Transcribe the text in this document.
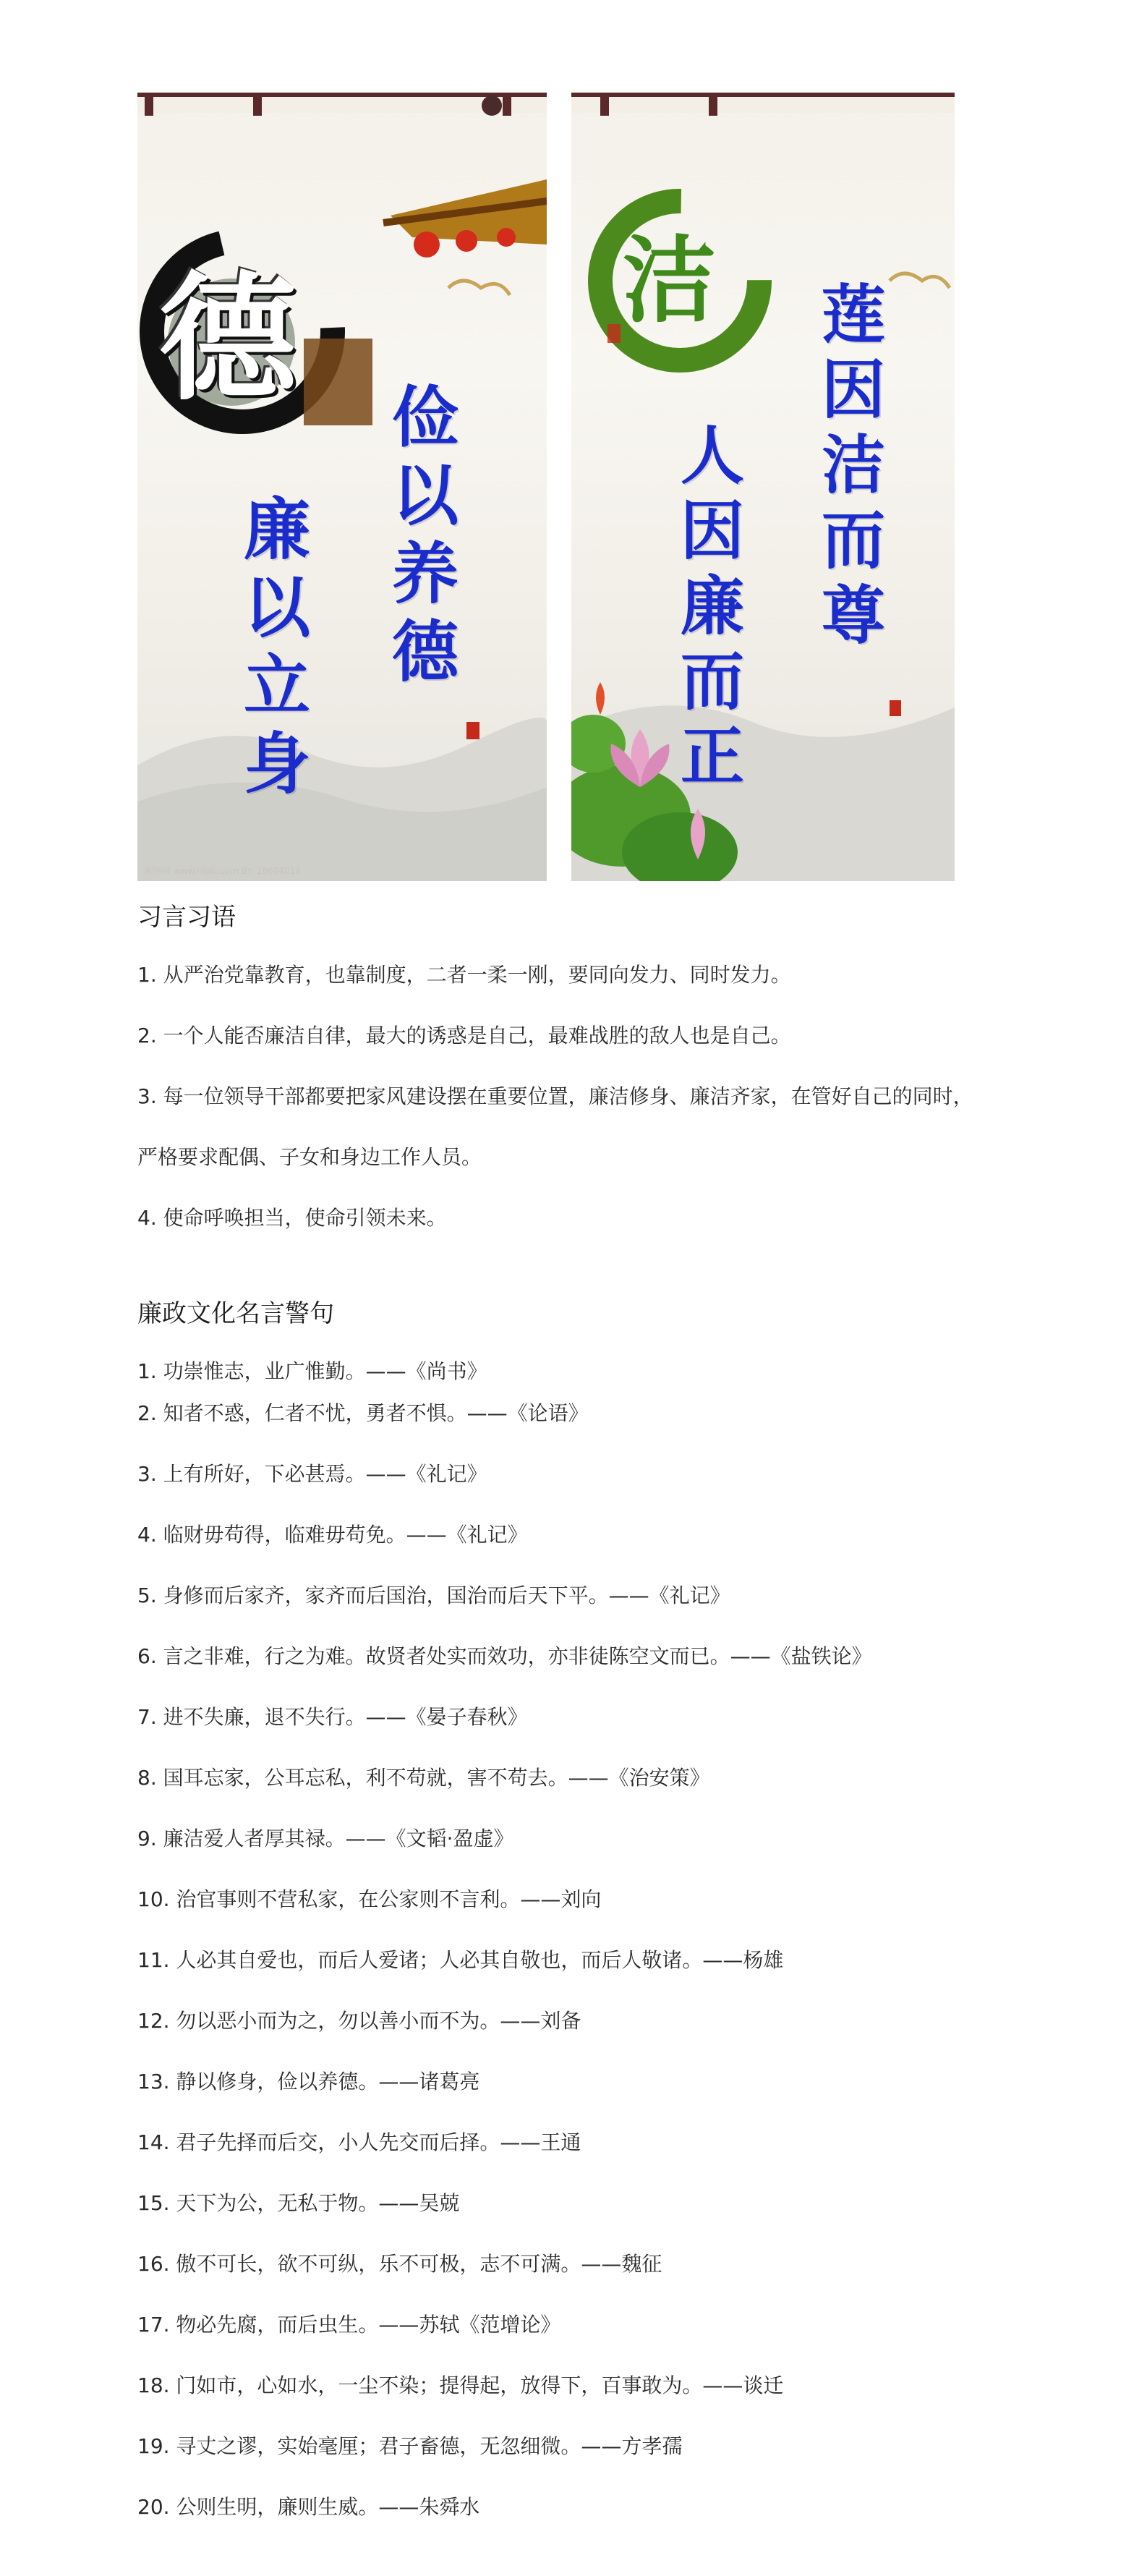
德
俭以养德
廉以立身
昵图网 www.nipic.com BY: 18694018
洁
莲因洁而尊
人因廉而正
习言习语
1. 从严治党靠教育，也靠制度，二者一柔一刚，要同向发力、同时发力。
2. 一个人能否廉洁自律，最大的诱惑是自己，最难战胜的敌人也是自己。
3. 每一位领导干部都要把家风建设摆在重要位置，廉洁修身、廉洁齐家，在管好自己的同时，
严格要求配偶、子女和身边工作人员。
4. 使命呼唤担当，使命引领未来。
廉政文化名言警句
1. 功崇惟志，业广惟勤。——《尚书》
2. 知者不惑，仁者不忧，勇者不惧。——《论语》
3. 上有所好，下必甚焉。——《礼记》
4. 临财毋苟得，临难毋苟免。——《礼记》
5. 身修而后家齐，家齐而后国治，国治而后天下平。——《礼记》
6. 言之非难，行之为难。故贤者处实而效功，亦非徒陈空文而已。——《盐铁论》
7. 进不失廉，退不失行。——《晏子春秋》
8. 国耳忘家，公耳忘私，利不苟就，害不苟去。——《治安策》
9. 廉洁爱人者厚其禄。——《文韬·盈虚》
10. 治官事则不营私家，在公家则不言利。——刘向
11. 人必其自爱也，而后人爱诸；人必其自敬也，而后人敬诸。——杨雄
12. 勿以恶小而为之，勿以善小而不为。——刘备
13. 静以修身，俭以养德。——诸葛亮
14. 君子先择而后交，小人先交而后择。——王通
15. 天下为公，无私于物。——吴兢
16. 傲不可长，欲不可纵，乐不可极，志不可满。——魏征
17. 物必先腐，而后虫生。——苏轼《范增论》
18. 门如市，心如水，一尘不染；提得起，放得下，百事敢为。——谈迁
19. 寻丈之谬，实始毫厘；君子畜德，无忽细微。——方孝孺
20. 公则生明，廉则生威。——朱舜水
